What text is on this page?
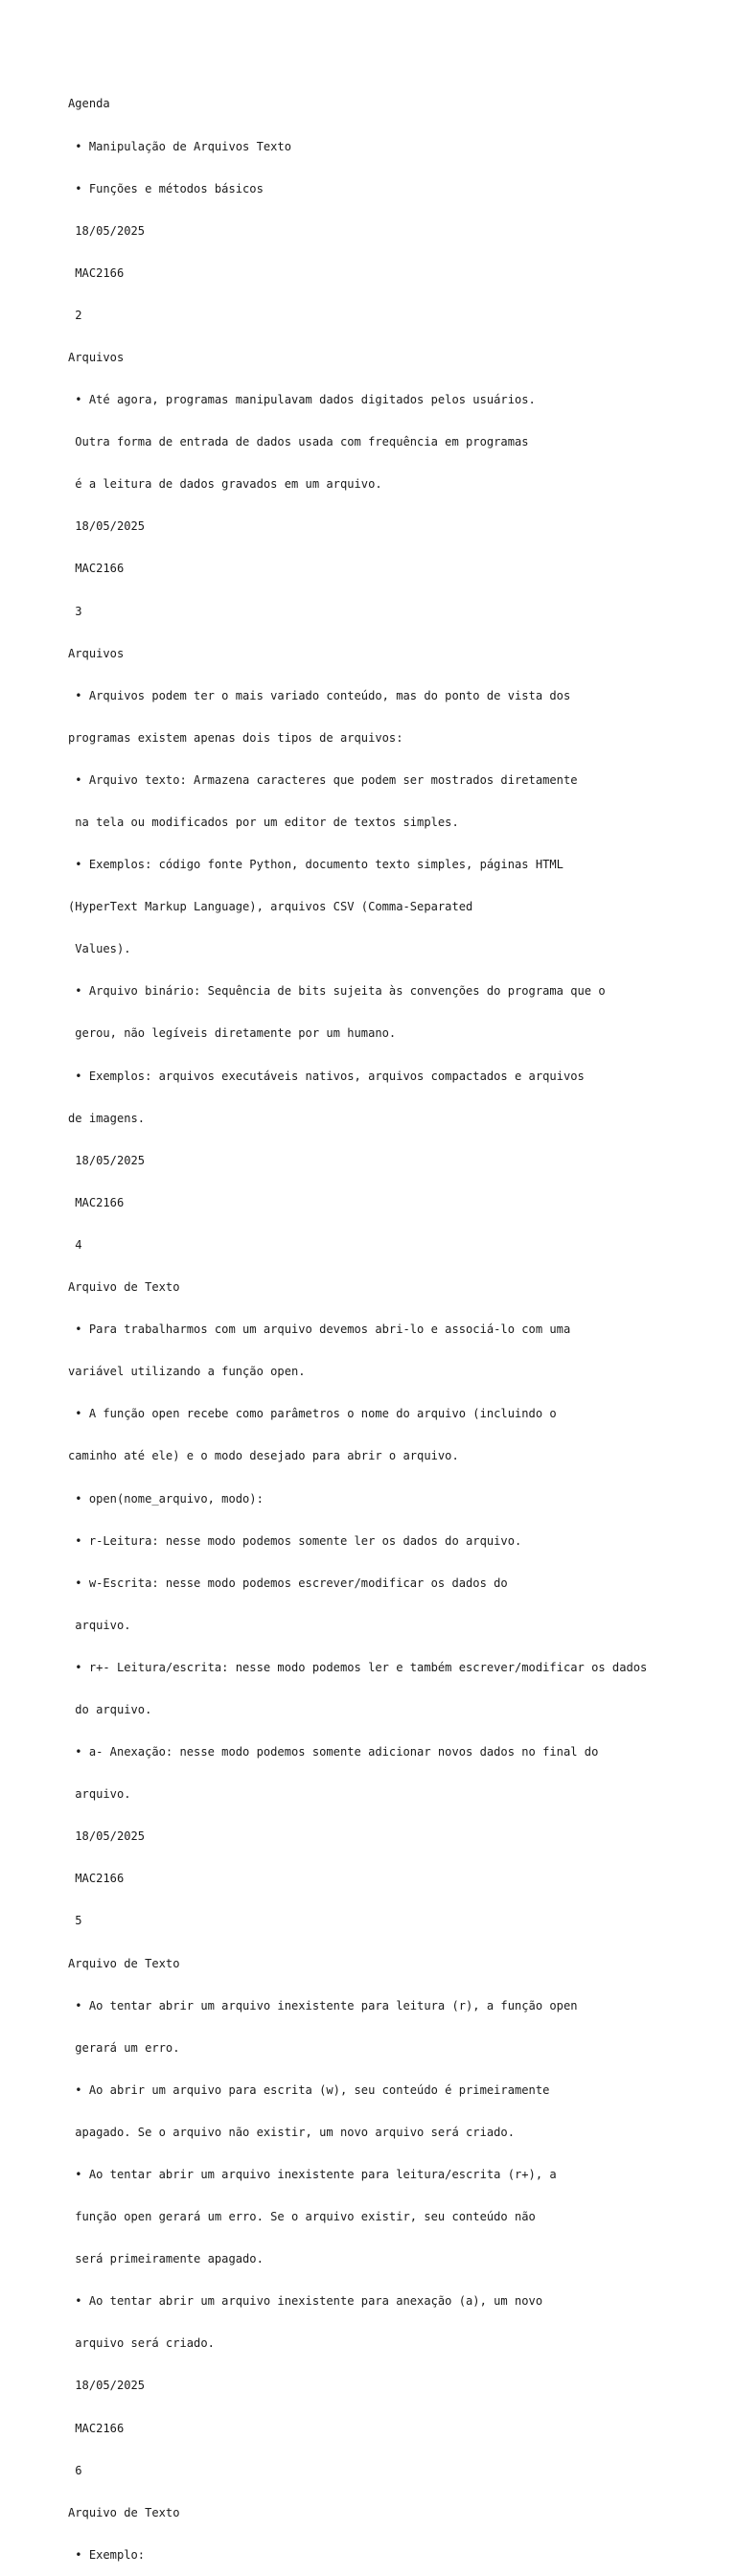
Agenda

• Manipulação de Arquivos Texto

• Funções e métodos básicos

18/05/2025

MAC2166

2

Arquivos

• Até agora, programas manipulavam dados digitados pelos usuários.

Outra forma de entrada de dados usada com frequência em programas

é a leitura de dados gravados em um arquivo.

18/05/2025

MAC2166

3

Arquivos

• Arquivos podem ter o mais variado conteúdo, mas do ponto de vista dos

programas existem apenas dois tipos de arquivos:

• Arquivo texto: Armazena caracteres que podem ser mostrados diretamente

na tela ou modificados por um editor de textos simples.

• Exemplos: código fonte Python, documento texto simples, páginas HTML

(HyperText Markup Language), arquivos CSV (Comma-Separated

Values).

• Arquivo binário: Sequência de bits sujeita às convenções do programa que o

gerou, não legíveis diretamente por um humano.

• Exemplos: arquivos executáveis nativos, arquivos compactados e arquivos

de imagens.

18/05/2025

MAC2166

4

Arquivo de Texto

• Para trabalharmos com um arquivo devemos abri-lo e associá-lo com uma

variável utilizando a função open.

• A função open recebe como parâmetros o nome do arquivo (incluindo o

caminho até ele) e o modo desejado para abrir o arquivo.

• open(nome_arquivo, modo):

• r-Leitura: nesse modo podemos somente ler os dados do arquivo.

• w-Escrita: nesse modo podemos escrever/modificar os dados do

arquivo.

• r+- Leitura/escrita: nesse modo podemos ler e também escrever/modificar os dados

do arquivo.

• a- Anexação: nesse modo podemos somente adicionar novos dados no final do

arquivo.

18/05/2025

MAC2166

5

Arquivo de Texto

• Ao tentar abrir um arquivo inexistente para leitura (r), a função open

gerará um erro.

• Ao abrir um arquivo para escrita (w), seu conteúdo é primeiramente

apagado. Se o arquivo não existir, um novo arquivo será criado.

• Ao tentar abrir um arquivo inexistente para leitura/escrita (r+), a

função open gerará um erro. Se o arquivo existir, seu conteúdo não

será primeiramente apagado.

• Ao tentar abrir um arquivo inexistente para anexação (a), um novo

arquivo será criado.

18/05/2025

MAC2166

6

Arquivo de Texto

• Exemplo:
